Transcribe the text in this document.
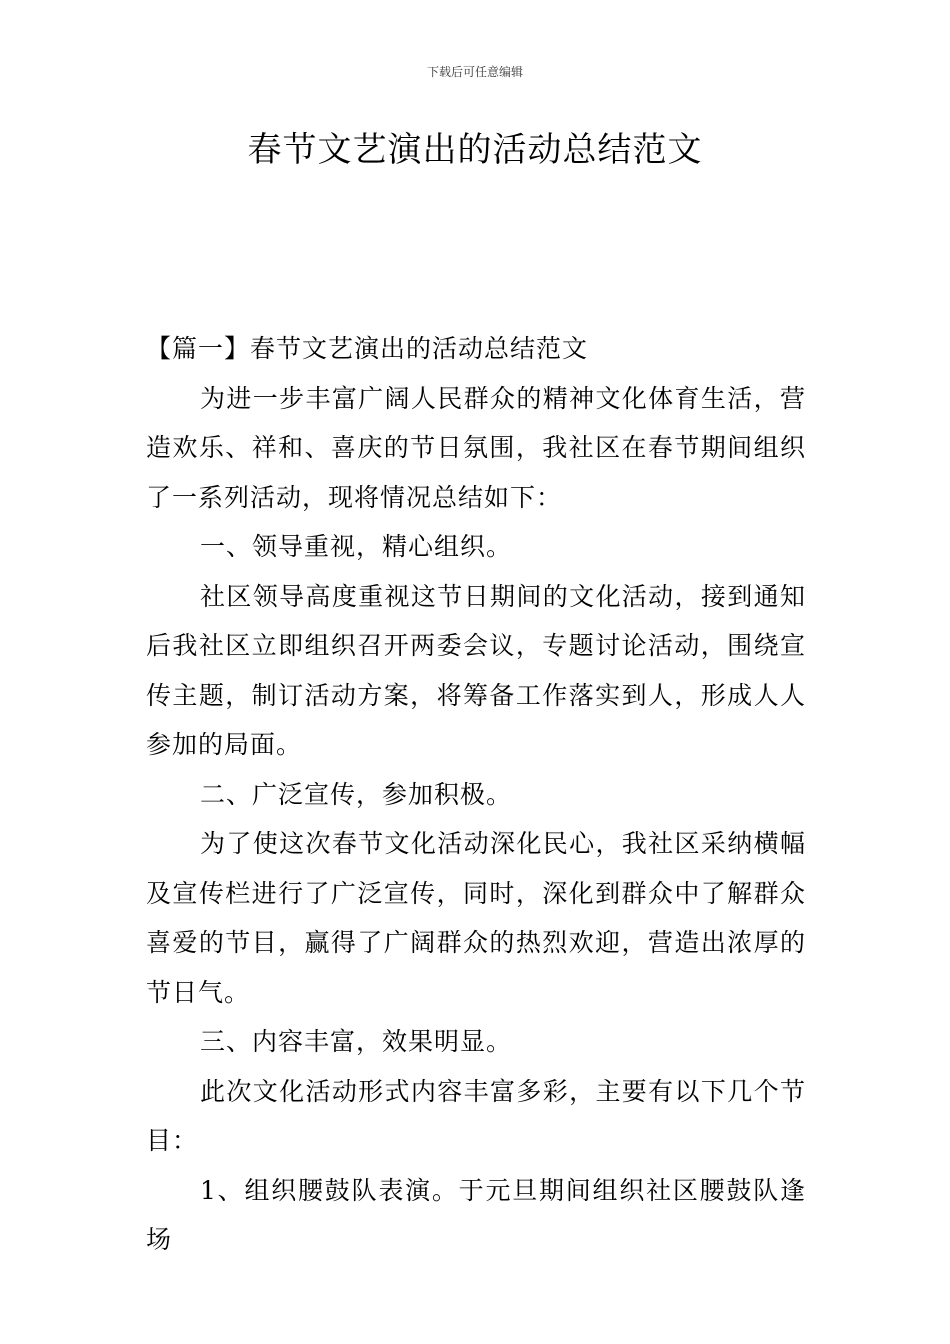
下载后可任意编辑
春节文艺演出的活动总结范文

【篇一】春节文艺演出的活动总结范文

为进一步丰富广阔人民群众的精神文化体育生活，营造欢乐、祥和、喜庆的节日氛围，我社区在春节期间组织了一系列活动，现将情况总结如下：

一、领导重视，精心组织。

社区领导高度重视这节日期间的文化活动，接到通知后我社区立即组织召开两委会议，专题讨论活动，围绕宣传主题，制订活动方案，将筹备工作落实到人，形成人人参加的局面。

二、广泛宣传，参加积极。

为了使这次春节文化活动深化民心，我社区采纳横幅及宣传栏进行了广泛宣传，同时，深化到群众中了解群众喜爱的节目，赢得了广阔群众的热烈欢迎，营造出浓厚的节日气。

三、内容丰富，效果明显。

此次文化活动形式内容丰富多彩，主要有以下几个节目：

1、组织腰鼓队表演。于元旦期间组织社区腰鼓队逢场
